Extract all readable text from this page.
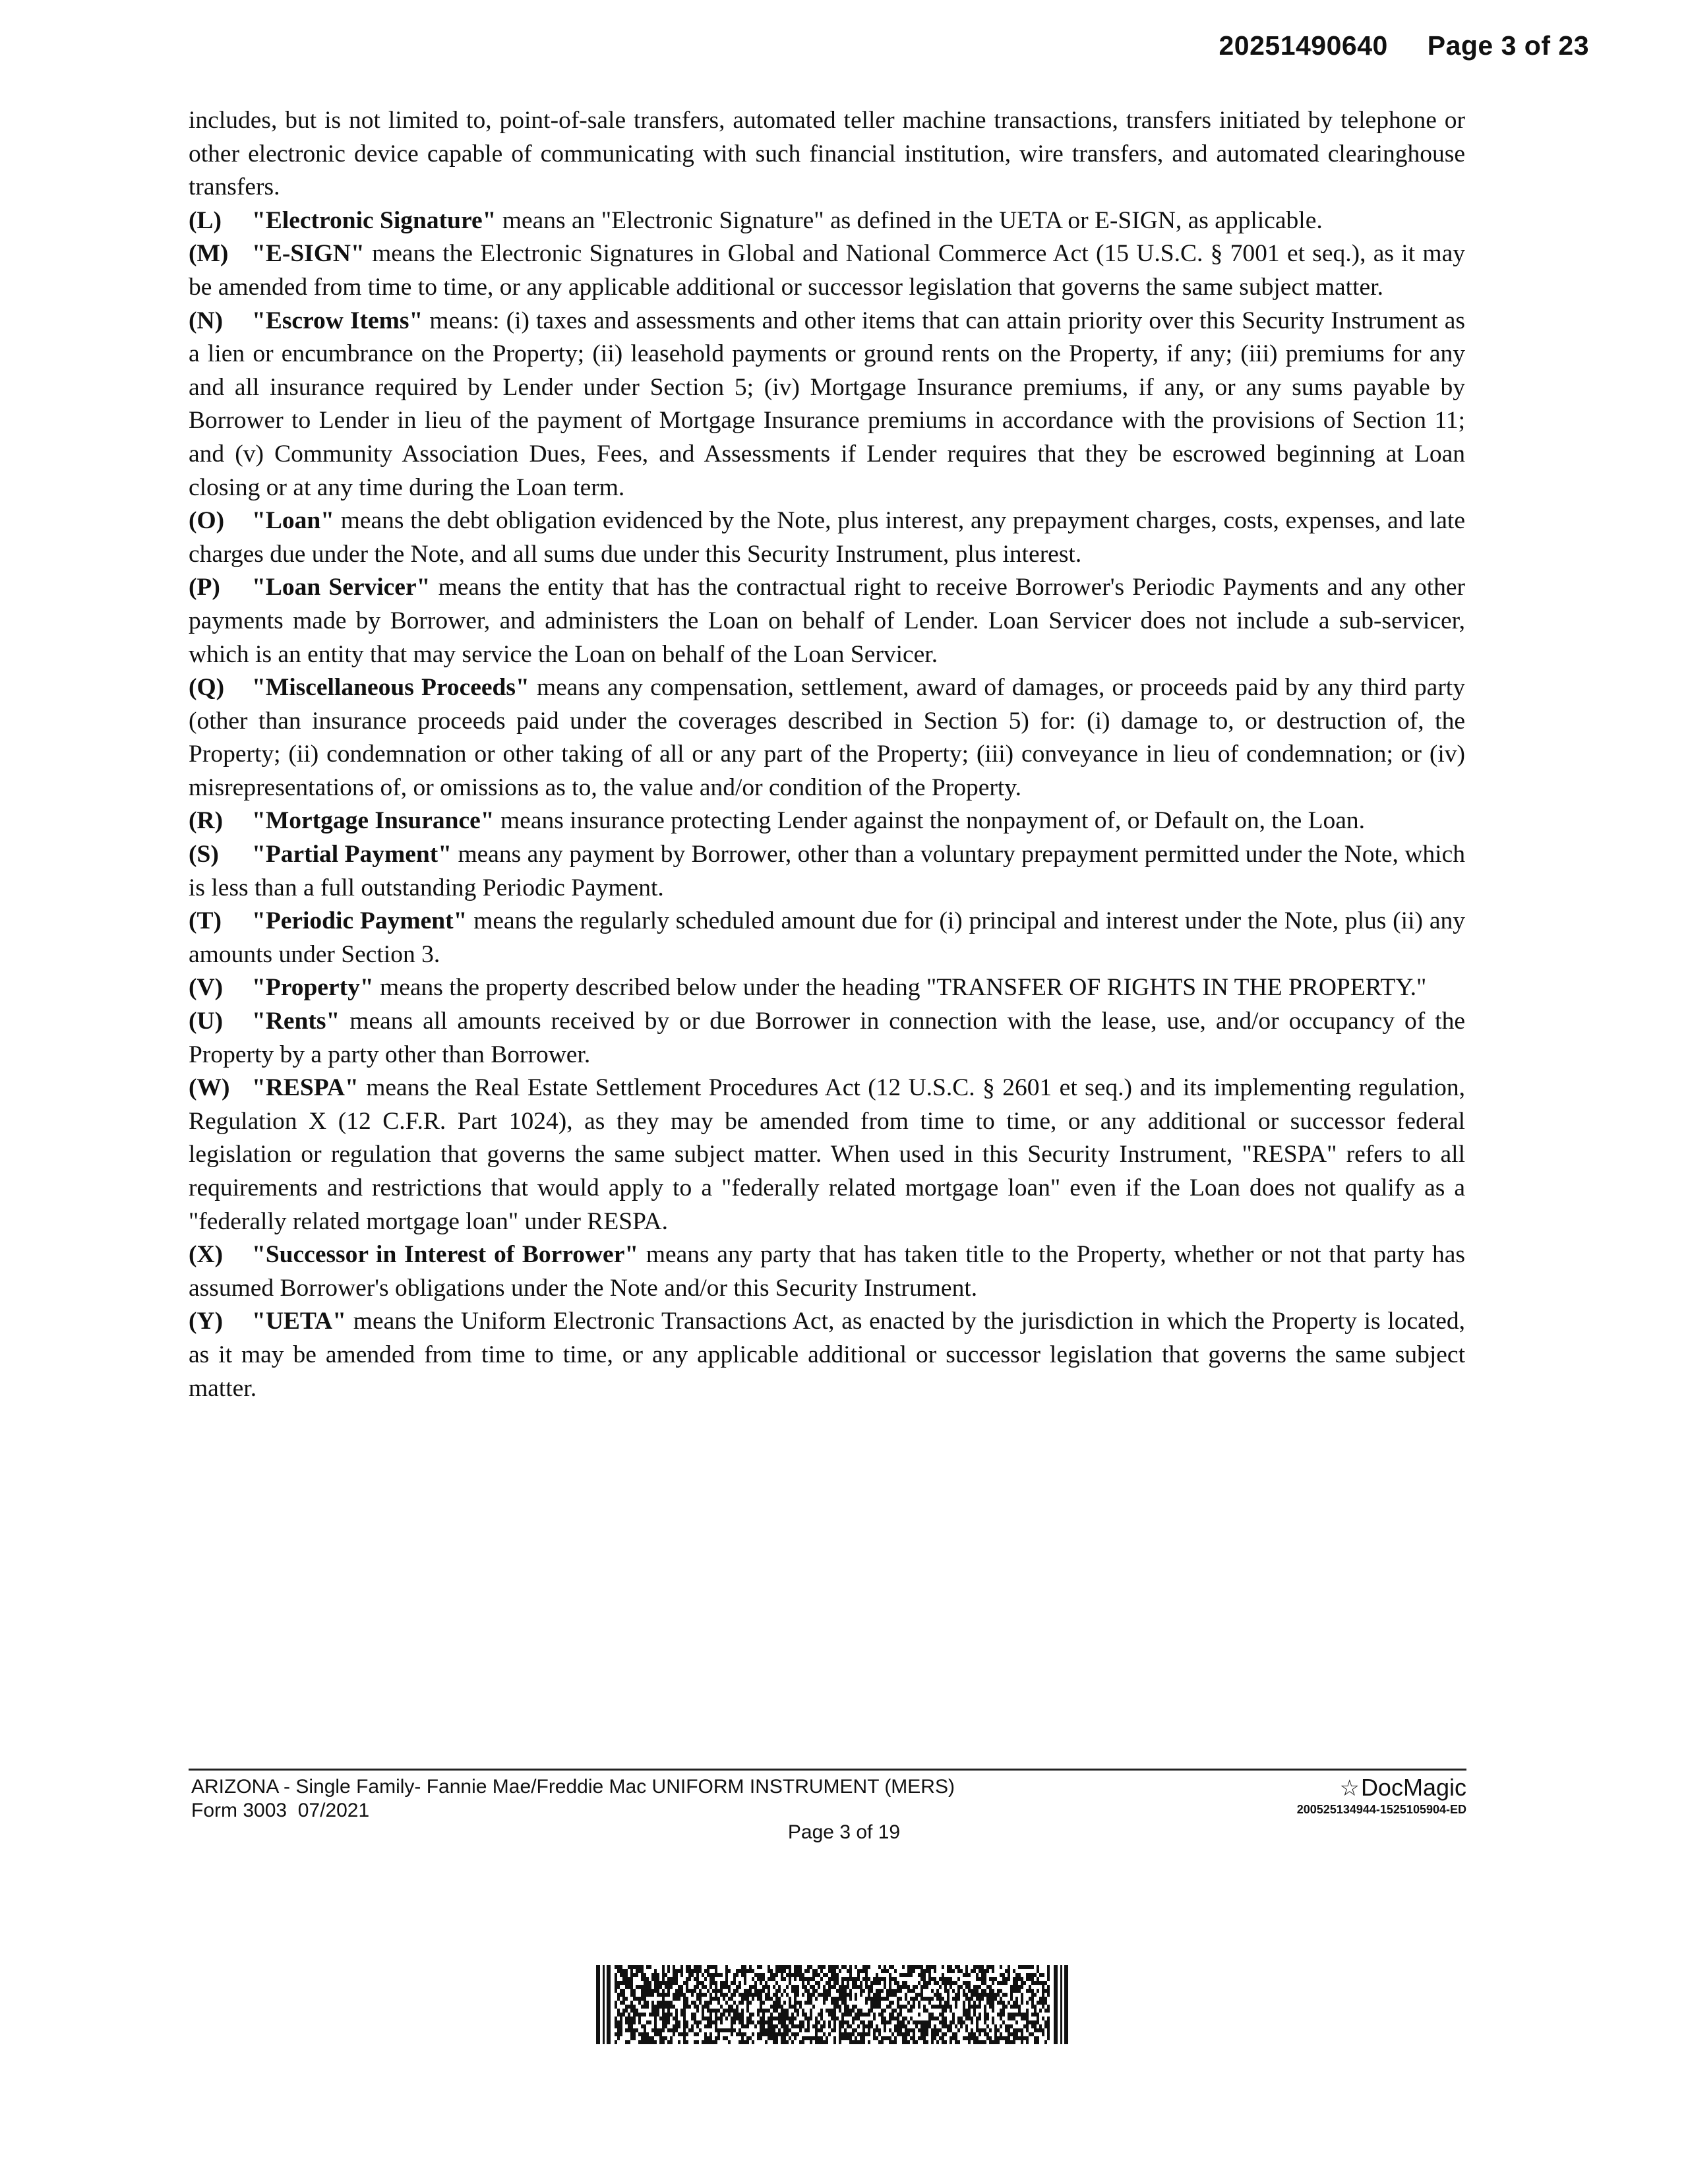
20251490640 Page 3 of 23

includes, but is not limited to, point-of-sale transfers, automated teller machine transactions, transfers initiated by telephone or other electronic device capable of communicating with such financial institution, wire transfers, and automated clearinghouse transfers.

(L) "Electronic Signature" means an "Electronic Signature" as defined in the UETA or E-SIGN, as applicable.

(M) "E-SIGN" means the Electronic Signatures in Global and National Commerce Act (15 U.S.C. § 7001 et seq.), as it may be amended from time to time, or any applicable additional or successor legislation that governs the same subject matter.

(N) "Escrow Items" means: (i) taxes and assessments and other items that can attain priority over this Security Instrument as a lien or encumbrance on the Property; (ii) leasehold payments or ground rents on the Property, if any; (iii) premiums for any and all insurance required by Lender under Section 5; (iv) Mortgage Insurance premiums, if any, or any sums payable by Borrower to Lender in lieu of the payment of Mortgage Insurance premiums in accordance with the provisions of Section 11; and (v) Community Association Dues, Fees, and Assessments if Lender requires that they be escrowed beginning at Loan closing or at any time during the Loan term.

(O) "Loan" means the debt obligation evidenced by the Note, plus interest, any prepayment charges, costs, expenses, and late charges due under the Note, and all sums due under this Security Instrument, plus interest.

(P) "Loan Servicer" means the entity that has the contractual right to receive Borrower's Periodic Payments and any other payments made by Borrower, and administers the Loan on behalf of Lender. Loan Servicer does not include a sub-servicer, which is an entity that may service the Loan on behalf of the Loan Servicer.

(Q) "Miscellaneous Proceeds" means any compensation, settlement, award of damages, or proceeds paid by any third party (other than insurance proceeds paid under the coverages described in Section 5) for: (i) damage to, or destruction of, the Property; (ii) condemnation or other taking of all or any part of the Property; (iii) conveyance in lieu of condemnation; or (iv) misrepresentations of, or omissions as to, the value and/or condition of the Property.

(R) "Mortgage Insurance" means insurance protecting Lender against the nonpayment of, or Default on, the Loan.

(S) "Partial Payment" means any payment by Borrower, other than a voluntary prepayment permitted under the Note, which is less than a full outstanding Periodic Payment.

(T) "Periodic Payment" means the regularly scheduled amount due for (i) principal and interest under the Note, plus (ii) any amounts under Section 3.

(V) "Property" means the property described below under the heading "TRANSFER OF RIGHTS IN THE PROPERTY."

(U) "Rents" means all amounts received by or due Borrower in connection with the lease, use, and/or occupancy of the Property by a party other than Borrower.

(W) "RESPA" means the Real Estate Settlement Procedures Act (12 U.S.C. § 2601 et seq.) and its implementing regulation, Regulation X (12 C.F.R. Part 1024), as they may be amended from time to time, or any additional or successor federal legislation or regulation that governs the same subject matter. When used in this Security Instrument, "RESPA" refers to all requirements and restrictions that would apply to a "federally related mortgage loan" even if the Loan does not qualify as a "federally related mortgage loan" under RESPA.

(X) "Successor in Interest of Borrower" means any party that has taken title to the Property, whether or not that party has assumed Borrower's obligations under the Note and/or this Security Instrument.

(Y) "UETA" means the Uniform Electronic Transactions Act, as enacted by the jurisdiction in which the Property is located, as it may be amended from time to time, or any applicable additional or successor legislation that governs the same subject matter.

ARIZONA - Single Family- Fannie Mae/Freddie Mac UNIFORM INSTRUMENT (MERS)
Form 3003  07/2021
Page 3 of 19
☆DocMagic
200525134944-1525105904-ED
